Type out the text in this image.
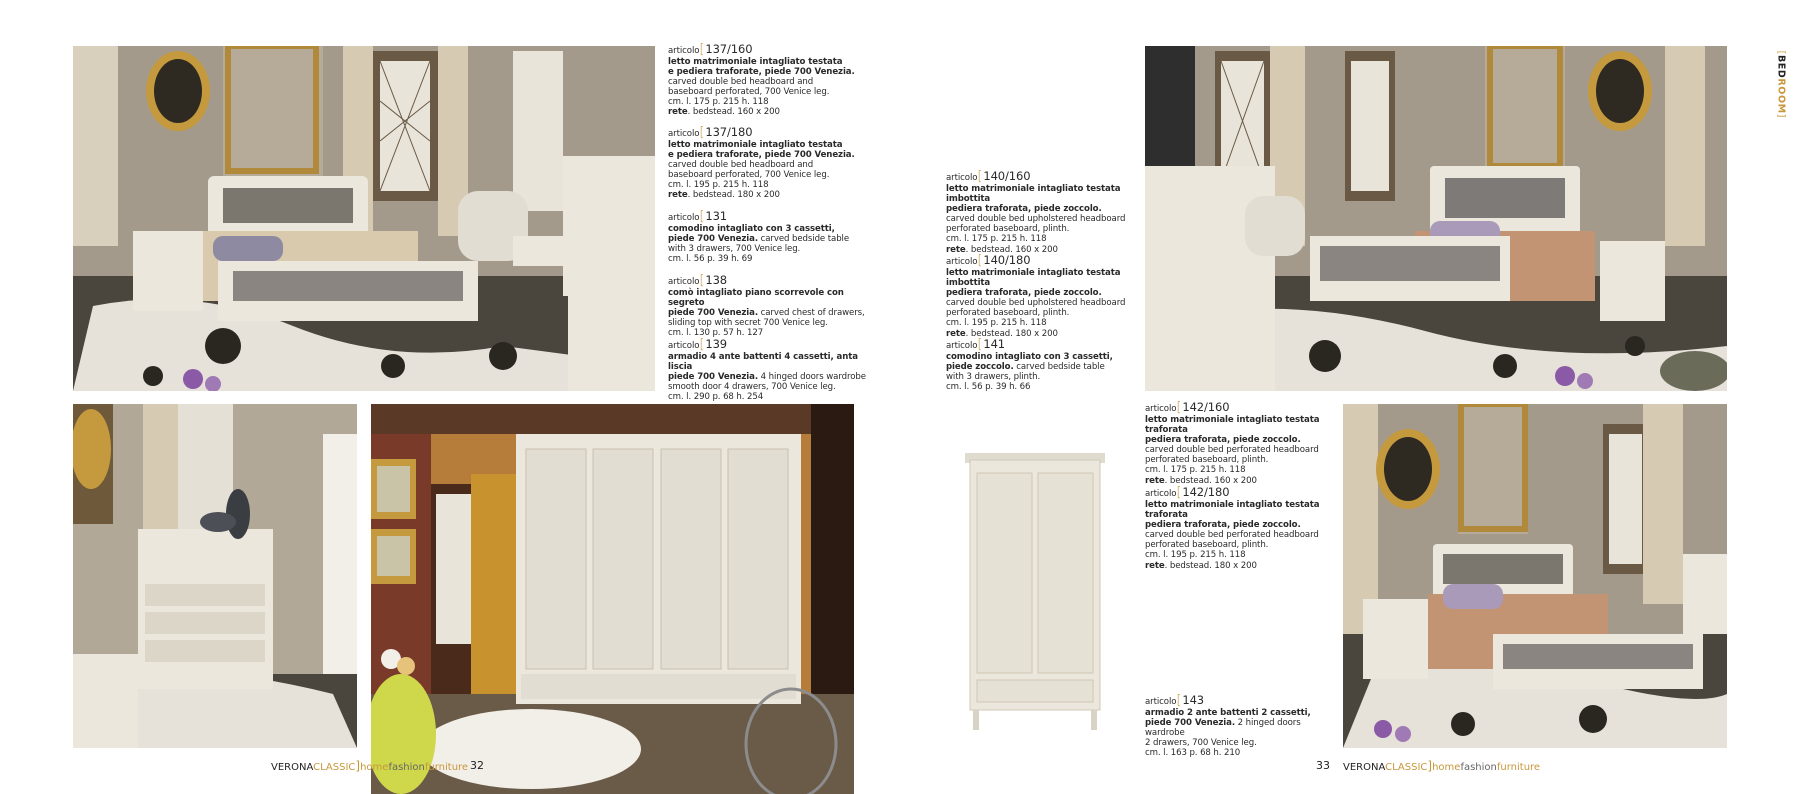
articolo[137/160
letto matrimoniale intagliato testata
e pediera traforate, piede 700 Venezia.
carved double bed headboard and
baseboard perforated, 700 Venice leg.
cm. l. 175 p. 215 h. 118
rete. bedstead. 160 x 200
articolo[137/180
letto matrimoniale intagliato testata
e pediera traforate, piede 700 Venezia.
carved double bed headboard and
baseboard perforated, 700 Venice leg.
cm. l. 195 p. 215 h. 118
rete. bedstead. 180 x 200
articolo[131
comodino intagliato con 3 cassetti,
piede 700 Venezia. carved bedside table
with 3 drawers, 700 Venice leg.
cm. l. 56 p. 39 h. 69
articolo[138
comò intagliato piano scorrevole con segreto
piede 700 Venezia. carved chest of drawers,
sliding top with secret 700 Venice leg.
cm. l. 130 p. 57 h. 127
articolo[139
armadio 4 ante battenti 4 cassetti, anta liscia
piede 700 Venezia. 4 hinged doors wardrobe
smooth door 4 drawers, 700 Venice leg.
cm. l. 290 p. 68 h. 254
VERONACLASSIC]homefashionfurniture 32
articolo[140/160
letto matrimoniale intagliato testata imbottita
pediera traforata, piede zoccolo.
carved double bed upholstered headboard
perforated baseboard, plinth.
cm. l. 175 p. 215 h. 118
rete. bedstead. 160 x 200
articolo[140/180
letto matrimoniale intagliato testata imbottita
pediera traforata, piede zoccolo.
carved double bed upholstered headboard
perforated baseboard, plinth.
cm. l. 195 p. 215 h. 118
rete. bedstead. 180 x 200
articolo[141
comodino intagliato con 3 cassetti,
piede zoccolo. carved bedside table
with 3 drawers, plinth.
cm. l. 56 p. 39 h. 66
articolo[142/160
letto matrimoniale intagliato testata traforata
pediera traforata, piede zoccolo.
carved double bed perforated headboard
perforated baseboard, plinth.
cm. l. 175 p. 215 h. 118
rete. bedstead. 160 x 200
articolo[142/180
letto matrimoniale intagliato testata traforata
pediera traforata, piede zoccolo.
carved double bed perforated headboard
perforated baseboard, plinth.
cm. l. 195 p. 215 h. 118
rete. bedstead. 180 x 200
articolo[143
armadio 2 ante battenti 2 cassetti,
piede 700 Venezia. 2 hinged doors wardrobe
2 drawers, 700 Venice leg.
cm. l. 163 p. 68 h. 210
33 VERONACLASSIC]homefashionfurniture
[BEDROOM]
